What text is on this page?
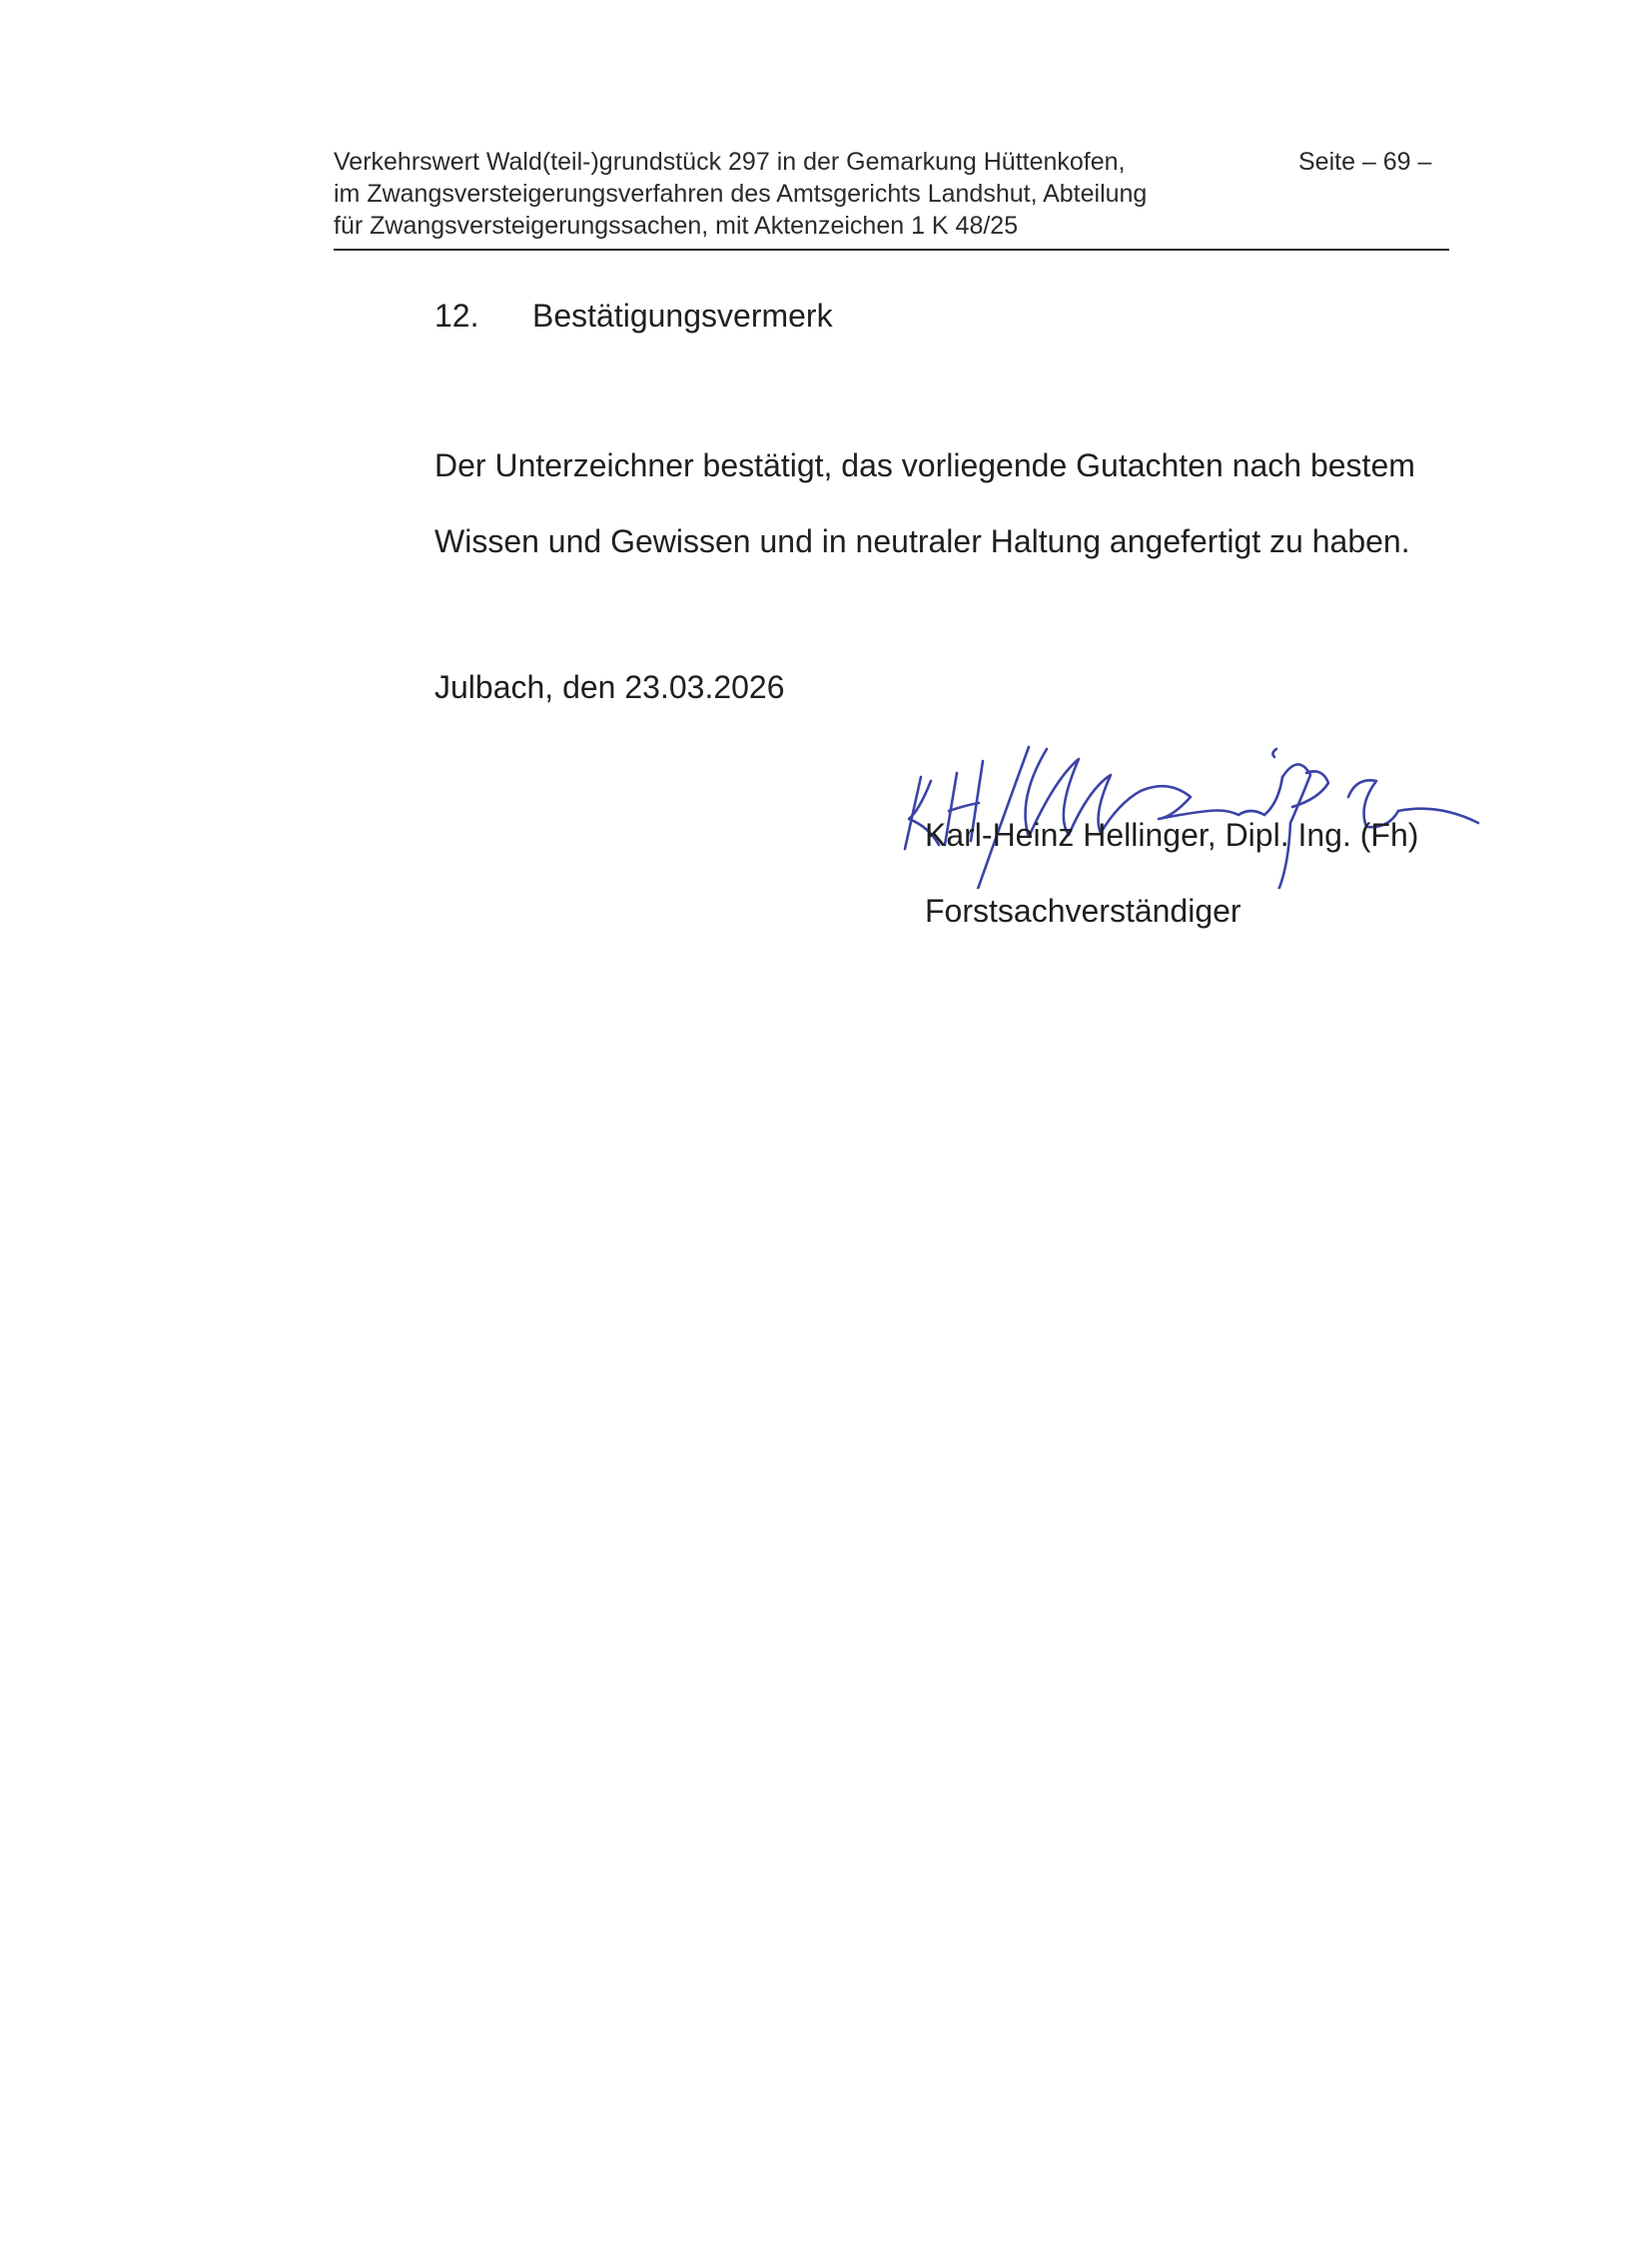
Verkehrswert Wald(teil-)grundstück 297 in der Gemarkung Hüttenkofen,
im Zwangsversteigerungsverfahren des Amtsgerichts Landshut, Abteilung
für Zwangsversteigerungssachen, mit Aktenzeichen 1 K 48/25
Seite – 69 –
12. Bestätigungsvermerk
Der Unterzeichner bestätigt, das vorliegende Gutachten nach bestem
Wissen und Gewissen und in neutraler Haltung angefertigt zu haben.
Julbach, den 23.03.2026
Karl-Heinz Hellinger, Dipl. Ing. (Fh)
Forstsachverständiger
